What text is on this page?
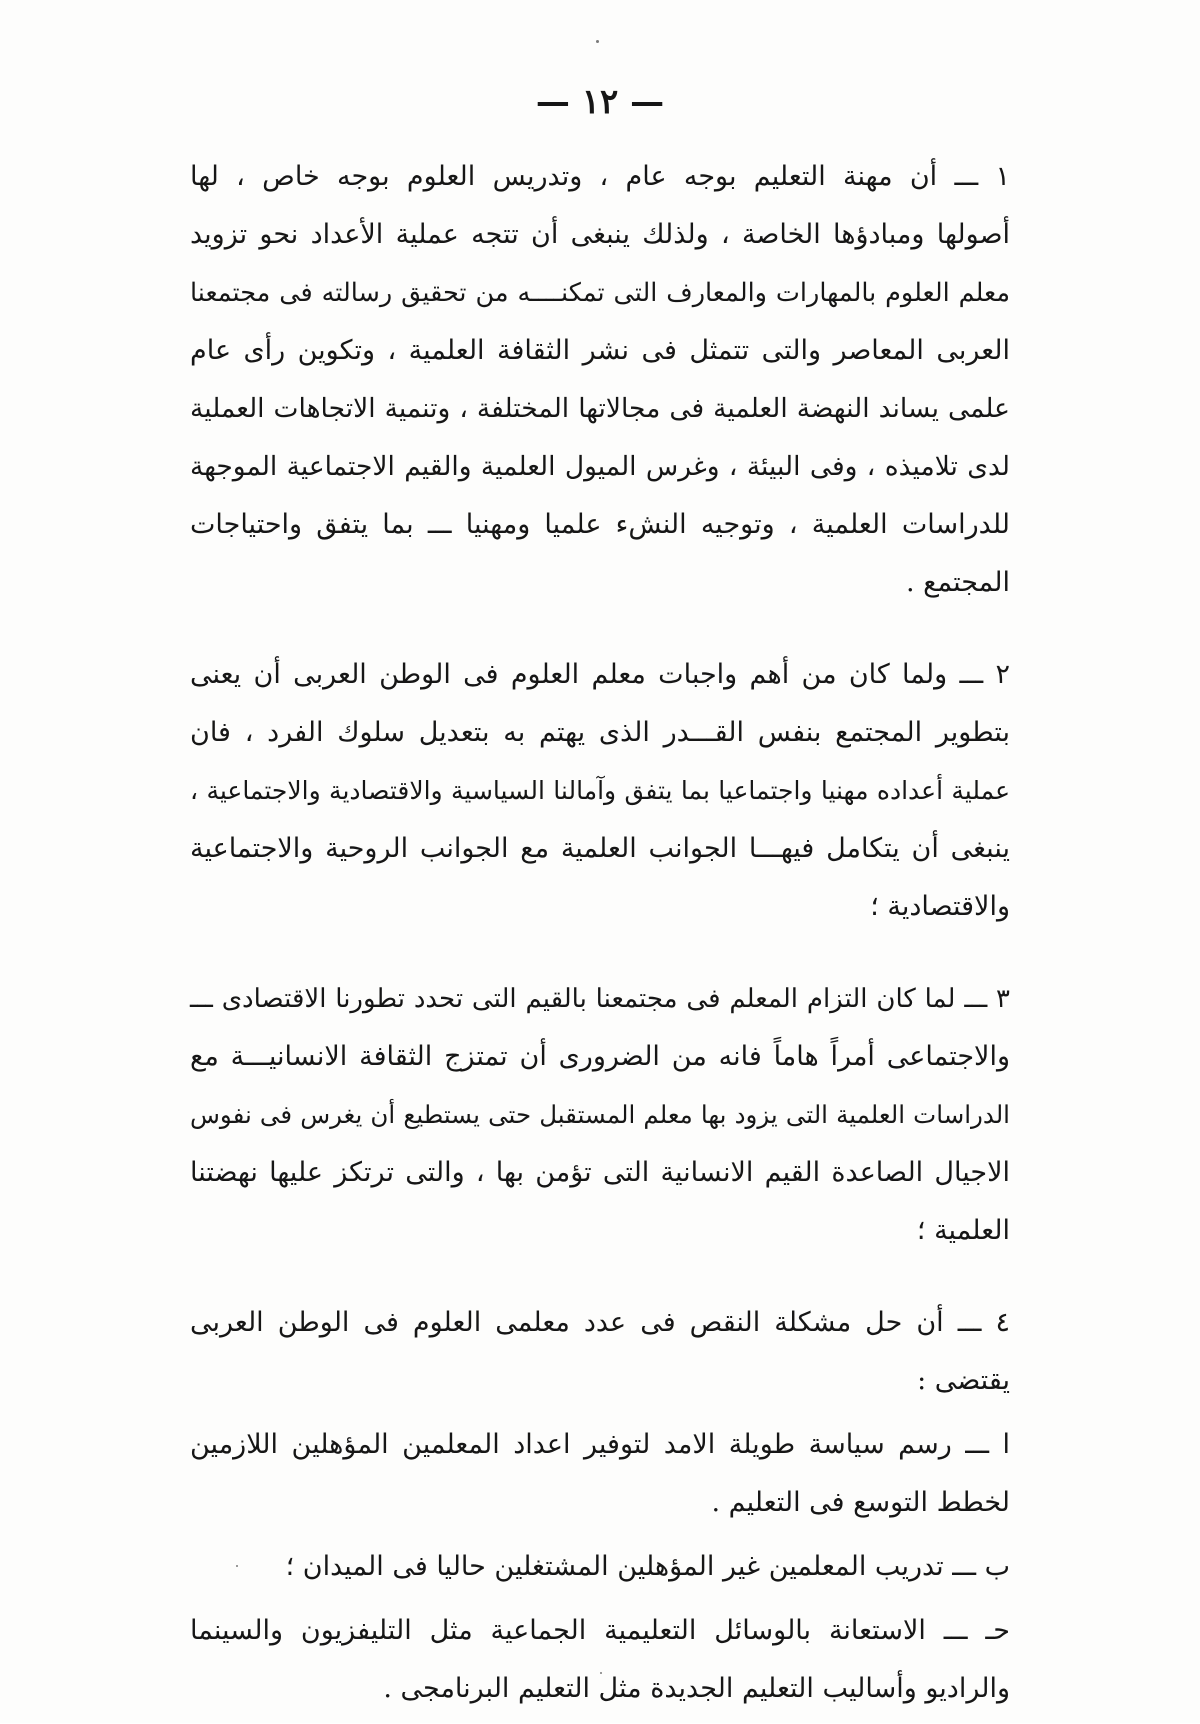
— ١٢ —
١ ـــ أن مهنة التعليم بوجه عام ، وتدريس العلوم بوجه خاص ، لها
أصولها ومبادؤها الخاصة ، ولذلك ينبغى أن تتجه عملية الأعداد نحو تزويد
معلم العلوم بالمهارات والمعارف التى تمكنــــه من تحقيق رسالته فى مجتمعنا
العربى المعاصر والتى تتمثل فى نشر الثقافة العلمية ، وتكوين رأى عام
علمى يساند النهضة العلمية فى مجالاتها المختلفة ، وتنمية الاتجاهات العملية
لدى تلاميذه ، وفى البيئة ، وغرس الميول العلمية والقيم الاجتماعية الموجهة
للدراسات العلمية ، وتوجيه النشء علميا ومهنيا ـــ بما يتفق واحتياجات
المجتمع .
٢ ـــ ولما كان من أهم واجبات معلم العلوم فى الوطن العربى أن يعنى
بتطوير المجتمع بنفس القـــدر الذى يهتم به بتعديل سلوك الفرد ، فان
عملية أعداده مهنيا واجتماعيا بما يتفق وآمالنا السياسية والاقتصادية والاجتماعية ،
ينبغى أن يتكامل فيهـــا الجوانب العلمية مع الجوانب الروحية والاجتماعية
والاقتصادية ؛
٣ ـــ لما كان التزام المعلم فى مجتمعنا بالقيم التى تحدد تطورنا الاقتصادى ـــ
والاجتماعى أمراً هاماً فانه من الضرورى أن تمتزج الثقافة الانسانيـــة مع
الدراسات العلمية التى يزود بها معلم المستقبل حتى يستطيع أن يغرس فى نفوس
الاجيال الصاعدة القيم الانسانية التى تؤمن بها ، والتى ترتكز عليها نهضتنا
العلمية ؛
٤ ـــ أن حل مشكلة النقص فى عدد معلمى العلوم فى الوطن العربى
يقتضى :
ا ـــ رسم سياسة طويلة الامد لتوفير اعداد المعلمين المؤهلين اللازمين
لخطط التوسع فى التعليم .
ب ـــ تدريب المعلمين غير المؤهلين المشتغلين حاليا فى الميدان ؛
حـ ـــ الاستعانة بالوسائل التعليمية الجماعية مثل التليفزيون والسينما
والراديو وأساليب التعليم الجديدة مثل التعليم البرنامجى .
